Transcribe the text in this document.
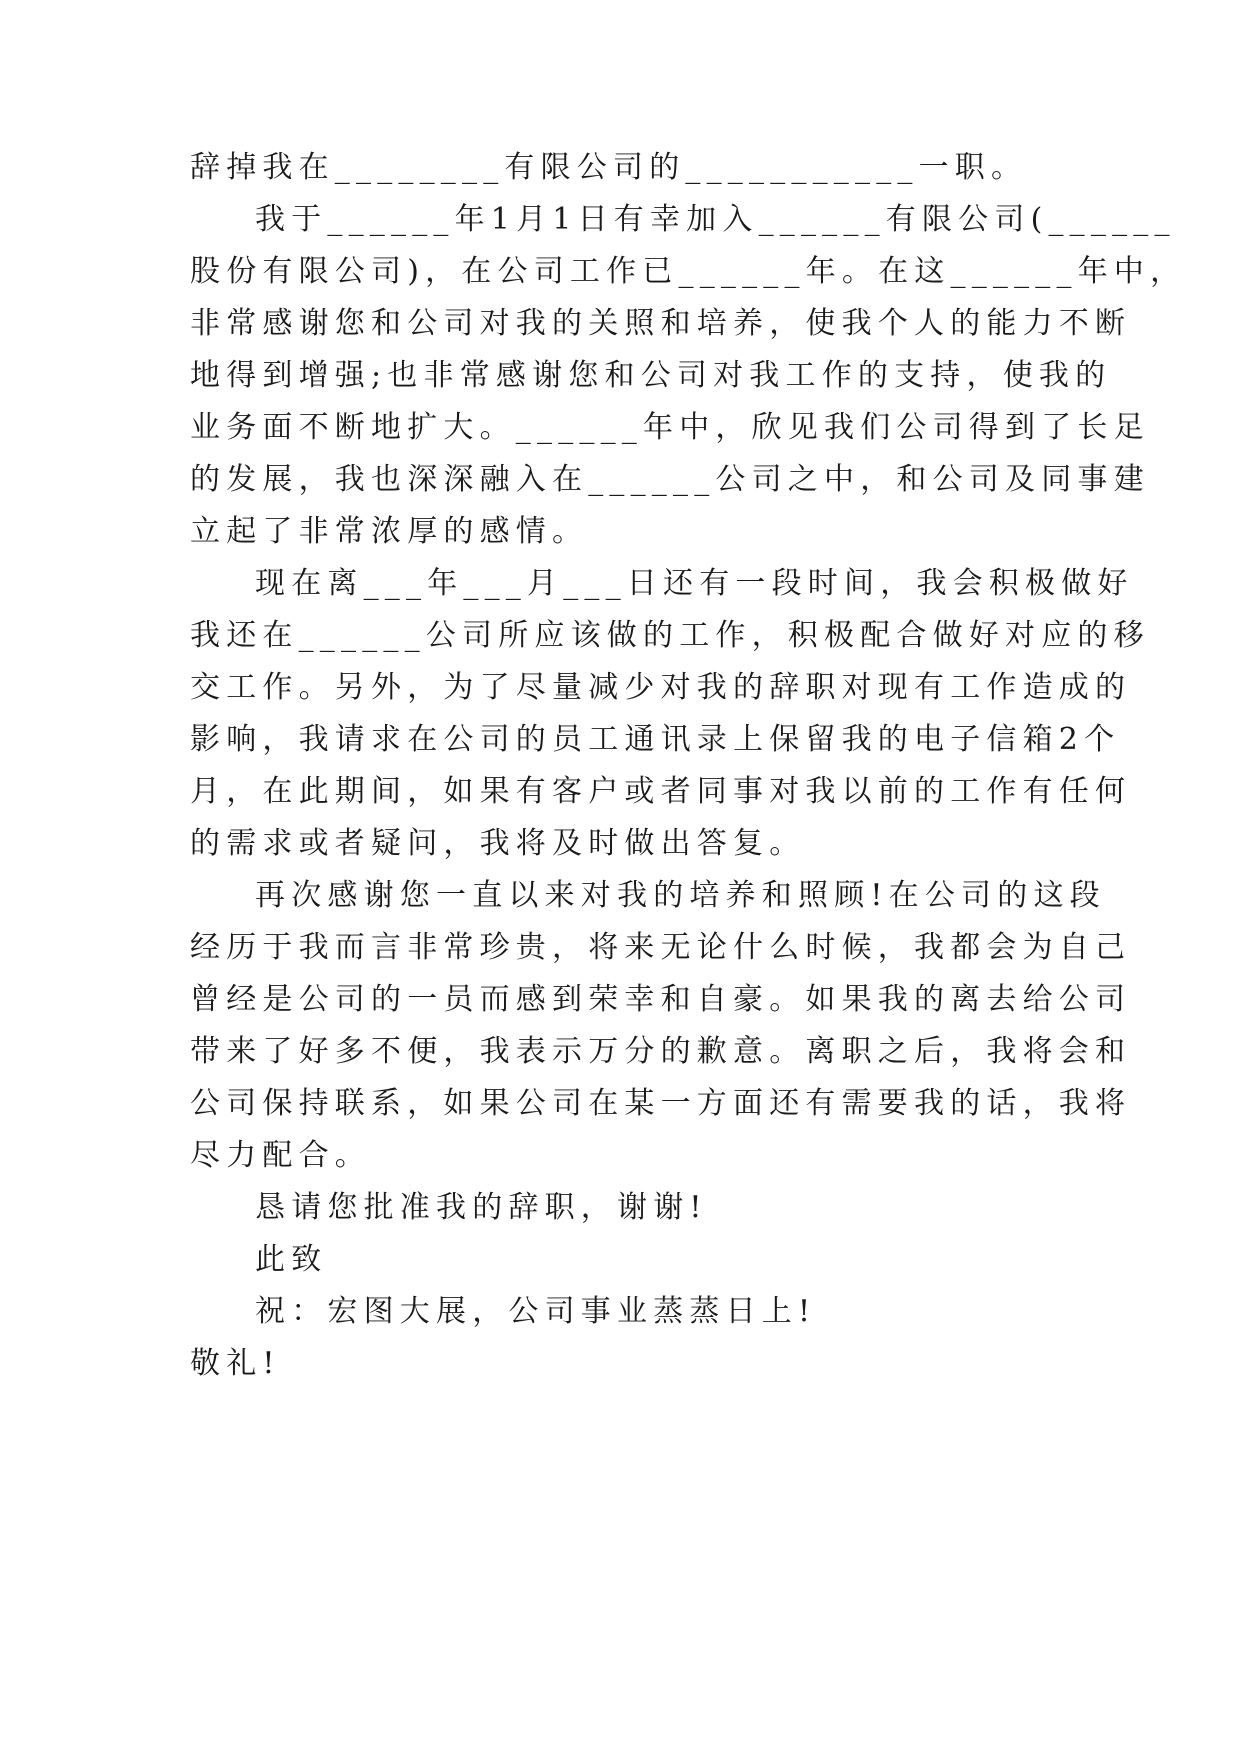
辞掉我在________有限公司的___________一职。
我于______年1月1日有幸加入______有限公司(______
股份有限公司)，在公司工作已______年。在这______年中，
非常感谢您和公司对我的关照和培养，使我个人的能力不断
地得到增强;也非常感谢您和公司对我工作的支持，使我的
业务面不断地扩大。______年中，欣见我们公司得到了长足
的发展，我也深深融入在______公司之中，和公司及同事建
立起了非常浓厚的感情。
现在离___年___月___日还有一段时间，我会积极做好
我还在______公司所应该做的工作，积极配合做好对应的移
交工作。另外，为了尽量减少对我的辞职对现有工作造成的
影响，我请求在公司的员工通讯录上保留我的电子信箱2个
月，在此期间，如果有客户或者同事对我以前的工作有任何
的需求或者疑问，我将及时做出答复。
再次感谢您一直以来对我的培养和照顾!在公司的这段
经历于我而言非常珍贵，将来无论什么时候，我都会为自己
曾经是公司的一员而感到荣幸和自豪。如果我的离去给公司
带来了好多不便，我表示万分的歉意。离职之后，我将会和
公司保持联系，如果公司在某一方面还有需要我的话，我将
尽力配合。
恳请您批准我的辞职，谢谢!
此致
祝：宏图大展，公司事业蒸蒸日上!
敬礼!
